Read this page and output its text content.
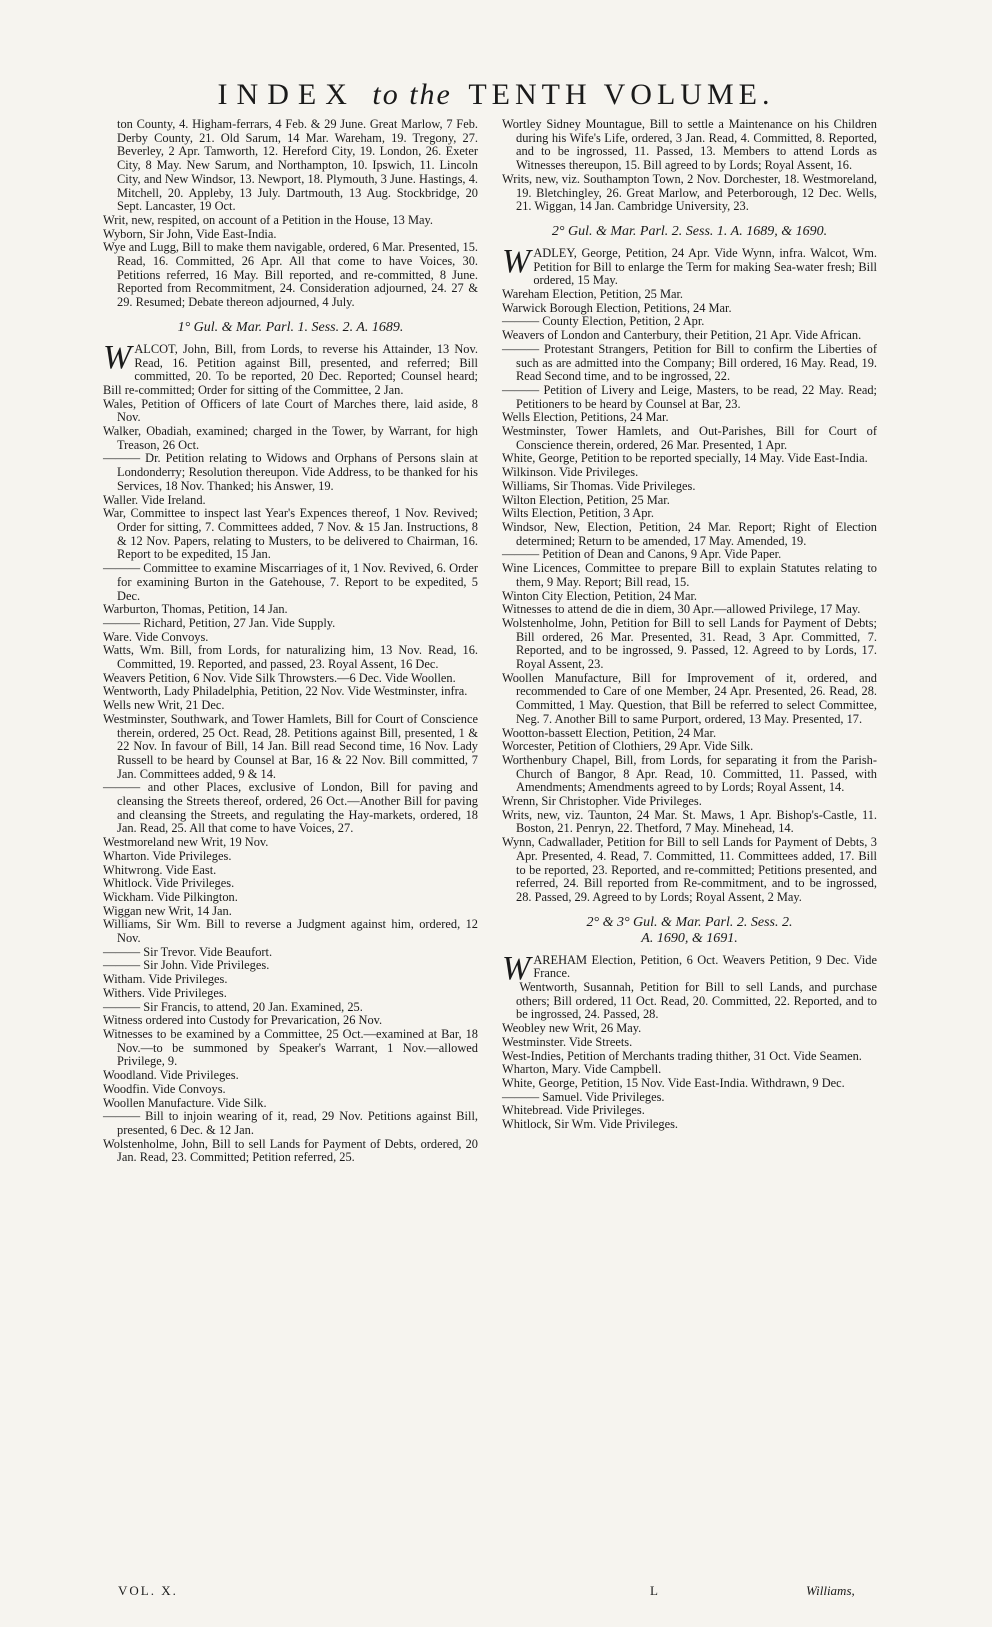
INDEX to the TENTH VOLUME.

ton County, 4. Higham-ferrars, 4 Feb. & 29 June. Great Marlow, 7 Feb. Derby County, 21. Old Sarum, 14 Mar. Wareham, 19. Tregony, 27. Beverley, 2 Apr. Tamworth, 12. Hereford City, 19. London, 26. Exeter City, 8 May. New Sarum, and Northampton, 10. Ipswich, 11. Lincoln City, and New Windsor, 13. Newport, 18. Plymouth, 3 June. Hastings, 4. Mitchell, 20. Appleby, 13 July. Dartmouth, 13 Aug. Stockbridge, 20 Sept. Lancaster, 19 Oct.

Writ, new, respited, on account of a Petition in the House, 13 May.

Wyborn, Sir John, Vide East-India.

Wye and Lugg, Bill to make them navigable, ordered, 6 Mar. Presented, 15. Read, 16. Committed, 26 Apr. All that come to have Voices, 30. Petitions referred, 16 May. Bill reported, and re-committed, 8 June. Reported from Recommitment, 24. Consideration adjourned, 24. 27 & 29. Resumed; Debate thereon adjourned, 4 July.

1° Gul. & Mar. Parl. 1. Sess. 2. A. 1689.

WALCOT, John, Bill, from Lords, to reverse his Attainder, 13 Nov. Read, 16. Petition against Bill, presented, and referred; Bill committed, 20. To be reported, 20 Dec. Reported; Counsel heard; Bill re-committed; Order for sitting of the Committee, 2 Jan.

Wales, Petition of Officers of late Court of Marches there, laid aside, 8 Nov.

Walker, Obadiah, examined; charged in the Tower, by Warrant, for high Treason, 26 Oct.

——— Dr. Petition relating to Widows and Orphans of Persons slain at Londonderry; Resolution thereupon. Vide Address, to be thanked for his Services, 18 Nov. Thanked; his Answer, 19.

Waller. Vide Ireland.

War, Committee to inspect last Year's Expences thereof, 1 Nov. Revived; Order for sitting, 7. Committees added, 7 Nov. & 15 Jan. Instructions, 8 & 12 Nov. Papers, relating to Musters, to be delivered to Chairman, 16. Report to be expedited, 15 Jan.

——— Committee to examine Miscarriages of it, 1 Nov. Revived, 6. Order for examining Burton in the Gatehouse, 7. Report to be expedited, 5 Dec.

Warburton, Thomas, Petition, 14 Jan.

——— Richard, Petition, 27 Jan. Vide Supply.

Ware. Vide Convoys.

Watts, Wm. Bill, from Lords, for naturalizing him, 13 Nov. Read, 16. Committed, 19. Reported, and passed, 23. Royal Assent, 16 Dec.

Weavers Petition, 6 Nov. Vide Silk Throwsters.—6 Dec. Vide Woollen.

Wentworth, Lady Philadelphia, Petition, 22 Nov. Vide Westminster, infra.

Wells new Writ, 21 Dec.

Westminster, Southwark, and Tower Hamlets, Bill for Court of Conscience therein, ordered, 25 Oct. Read, 28. Petitions against Bill, presented, 1 & 22 Nov. In favour of Bill, 14 Jan. Bill read Second time, 16 Nov. Lady Russell to be heard by Counsel at Bar, 16 & 22 Nov. Bill committed, 7 Jan. Committees added, 9 & 14.

——— and other Places, exclusive of London, Bill for paving and cleansing the Streets thereof, ordered, 26 Oct.—Another Bill for paving and cleansing the Streets, and regulating the Hay-markets, ordered, 18 Jan. Read, 25. All that come to have Voices, 27.

Westmoreland new Writ, 19 Nov.

Wharton. Vide Privileges.

Whitwrong. Vide East.

Whitlock. Vide Privileges.

Wickham. Vide Pilkington.

Wiggan new Writ, 14 Jan.

Williams, Sir Wm. Bill to reverse a Judgment against him, ordered, 12 Nov.

——— Sir Trevor. Vide Beaufort.

——— Sir John. Vide Privileges.

Witham. Vide Privileges.

Withers. Vide Privileges.

——— Sir Francis, to attend, 20 Jan. Examined, 25.

Witness ordered into Custody for Prevarication, 26 Nov.

Witnesses to be examined by a Committee, 25 Oct.—examined at Bar, 18 Nov.—to be summoned by Speaker's Warrant, 1 Nov.—allowed Privilege, 9.

Woodland. Vide Privileges.

Woodfin. Vide Convoys.

Woollen Manufacture. Vide Silk.

——— Bill to injoin wearing of it, read, 29 Nov. Petitions against Bill, presented, 6 Dec. & 12 Jan.

Wolstenholme, John, Bill to sell Lands for Payment of Debts, ordered, 20 Jan. Read, 23. Committed; Petition referred, 25.

Wortley Sidney Mountague, Bill to settle a Maintenance on his Children during his Wife's Life, ordered, 3 Jan. Read, 4. Committed, 8. Reported, and to be ingrossed, 11. Passed, 13. Members to attend Lords as Witnesses thereupon, 15. Bill agreed to by Lords; Royal Assent, 16.

Writs, new, viz. Southampton Town, 2 Nov. Dorchester, 18. Westmoreland, 19. Bletchingley, 26. Great Marlow, and Peterborough, 12 Dec. Wells, 21. Wiggan, 14 Jan. Cambridge University, 23.

2° Gul. & Mar. Parl. 2. Sess. 1. A. 1689, & 1690.

WADLEY, George, Petition, 24 Apr. Vide Wynn, infra. Walcot, Wm. Petition for Bill to enlarge the Term for making Sea-water fresh; Bill ordered, 15 May.

Wareham Election, Petition, 25 Mar.

Warwick Borough Election, Petitions, 24 Mar.

——— County Election, Petition, 2 Apr.

Weavers of London and Canterbury, their Petition, 21 Apr. Vide African.

——— Protestant Strangers, Petition for Bill to confirm the Liberties of such as are admitted into the Company; Bill ordered, 16 May. Read, 19. Read Second time, and to be ingrossed, 22.

——— Petition of Livery and Leige, Masters, to be read, 22 May. Read; Petitioners to be heard by Counsel at Bar, 23.

Wells Election, Petitions, 24 Mar.

Westminster, Tower Hamlets, and Out-Parishes, Bill for Court of Conscience therein, ordered, 26 Mar. Presented, 1 Apr.

White, George, Petition to be reported specially, 14 May. Vide East-India.

Wilkinson. Vide Privileges.

Williams, Sir Thomas. Vide Privileges.

Wilton Election, Petition, 25 Mar.

Wilts Election, Petition, 3 Apr.

Windsor, New, Election, Petition, 24 Mar. Report; Right of Election determined; Return to be amended, 17 May. Amended, 19.

——— Petition of Dean and Canons, 9 Apr. Vide Paper.

Wine Licences, Committee to prepare Bill to explain Statutes relating to them, 9 May. Report; Bill read, 15.

Winton City Election, Petition, 24 Mar.

Witnesses to attend de die in diem, 30 Apr.—allowed Privilege, 17 May.

Wolstenholme, John, Petition for Bill to sell Lands for Payment of Debts; Bill ordered, 26 Mar. Presented, 31. Read, 3 Apr. Committed, 7. Reported, and to be ingrossed, 9. Passed, 12. Agreed to by Lords, 17. Royal Assent, 23.

Woollen Manufacture, Bill for Improvement of it, ordered, and recommended to Care of one Member, 24 Apr. Presented, 26. Read, 28. Committed, 1 May. Question, that Bill be referred to select Committee, Neg. 7. Another Bill to same Purport, ordered, 13 May. Presented, 17.

Wootton-bassett Election, Petition, 24 Mar.

Worcester, Petition of Clothiers, 29 Apr. Vide Silk.

Worthenbury Chapel, Bill, from Lords, for separating it from the Parish-Church of Bangor, 8 Apr. Read, 10. Committed, 11. Passed, with Amendments; Amendments agreed to by Lords; Royal Assent, 14.

Wrenn, Sir Christopher. Vide Privileges.

Writs, new, viz. Taunton, 24 Mar. St. Maws, 1 Apr. Bishop's-Castle, 11. Boston, 21. Penryn, 22. Thetford, 7 May. Minehead, 14.

Wynn, Cadwallader, Petition for Bill to sell Lands for Payment of Debts, 3 Apr. Presented, 4. Read, 7. Committed, 11. Committees added, 17. Bill to be reported, 23. Reported, and re-committed; Petitions presented, and referred, 24. Bill reported from Re-commitment, and to be ingrossed, 28. Passed, 29. Agreed to by Lords; Royal Assent, 2 May.

2° & 3° Gul. & Mar. Parl. 2. Sess. 2.
A. 1690, & 1691.

WAREHAM Election, Petition, 6 Oct. Weavers Petition, 9 Dec. Vide France.

Wentworth, Susannah, Petition for Bill to sell Lands, and purchase others; Bill ordered, 11 Oct. Read, 20. Committed, 22. Reported, and to be ingrossed, 24. Passed, 28.

Weobley new Writ, 26 May.

Westminster. Vide Streets.

West-Indies, Petition of Merchants trading thither, 31 Oct. Vide Seamen.

Wharton, Mary. Vide Campbell.

White, George, Petition, 15 Nov. Vide East-India. Withdrawn, 9 Dec.

——— Samuel. Vide Privileges.

Whitebread. Vide Privileges.

Whitlock, Sir Wm. Vide Privileges.

VOL. X.	L	Williams,
